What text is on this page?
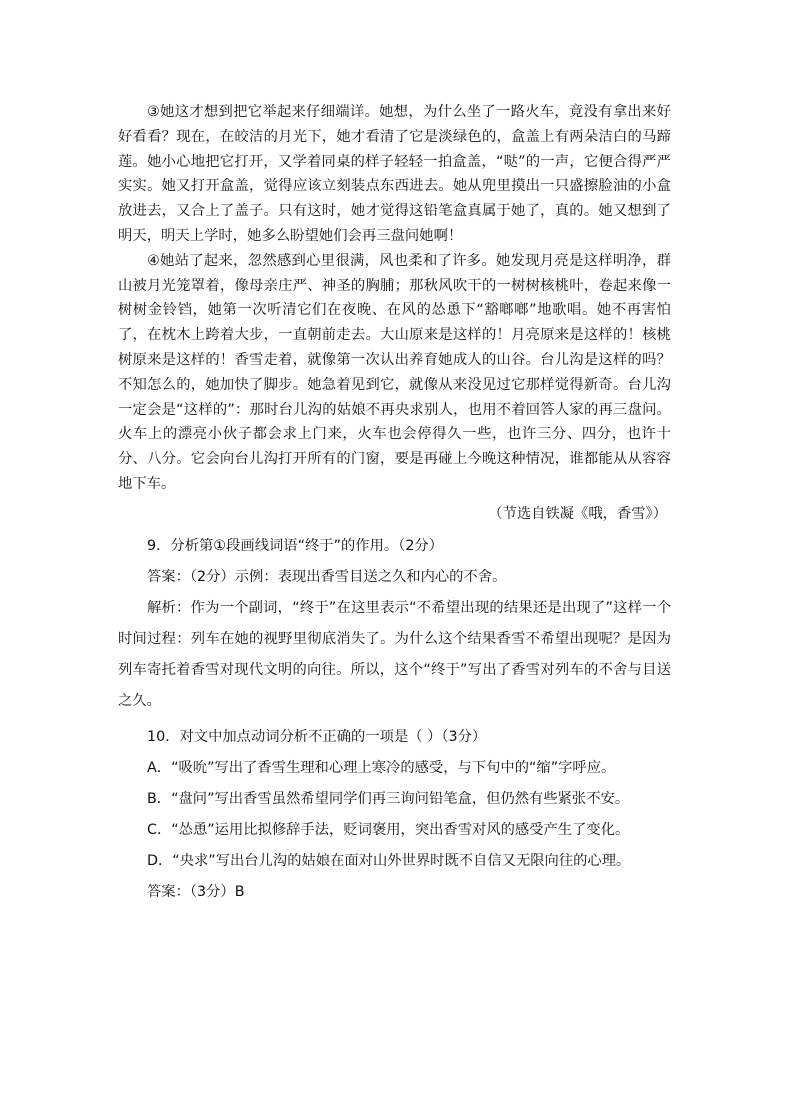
③她这才想到把它举起来仔细端详。她想，为什么坐了一路火车，竟没有拿出来好好看看？现在，在皎洁的月光下，她才看清了它是淡绿色的，盒盖上有两朵洁白的马蹄莲。她小心地把它打开，又学着同桌的样子轻轻一拍盒盖，“哒”的一声，它便合得严严实实。她又打开盒盖，觉得应该立刻装点东西进去。她从兜里摸出一只盛擦脸油的小盒放进去，又合上了盖子。只有这时，她才觉得这铅笔盒真属于她了，真的。她又想到了明天，明天上学时，她多么盼望她们会再三盘问她啊！

④她站了起来，忽然感到心里很满，风也柔和了许多。她发现月亮是这样明净，群山被月光笼罩着，像母亲庄严、神圣的胸脯；那秋风吹干的一树树核桃叶，卷起来像一树树金铃铛，她第一次听清它们在夜晚、在风的怂恿下“豁啷啷”地歌唱。她不再害怕了，在枕木上跨着大步，一直朝前走去。大山原来是这样的！月亮原来是这样的！核桃树原来是这样的！香雪走着，就像第一次认出养育她成人的山谷。台儿沟是这样的吗？不知怎么的，她加快了脚步。她急着见到它，就像从来没见过它那样觉得新奇。台儿沟一定会是“这样的”：那时台儿沟的姑娘不再央求别人，也用不着回答人家的再三盘问。火车上的漂亮小伙子都会求上门来，火车也会停得久一些，也许三分、四分，也许十分、八分。它会向台儿沟打开所有的门窗，要是再碰上今晚这种情况，谁都能从从容容地下车。

（节选自铁凝《哦，香雪》）

9．分析第①段画线词语“终于”的作用。（2分）

答案：（2分）示例：表现出香雪目送之久和内心的不舍。

解析：作为一个副词，“终于”在这里表示“不希望出现的结果还是出现了”这样一个时间过程：列车在她的视野里彻底消失了。为什么这个结果香雪不希望出现呢？是因为列车寄托着香雪对现代文明的向往。所以，这个“终于”写出了香雪对列车的不舍与目送之久。

10．对文中加点动词分析不正确的一项是（ ）（3分）

A．“吸吮”写出了香雪生理和心理上寒冷的感受，与下句中的“缩”字呼应。

B．“盘问”写出香雪虽然希望同学们再三询问铅笔盒，但仍然有些紧张不安。

C．“怂恿”运用比拟修辞手法，贬词褒用，突出香雪对风的感受产生了变化。

D．“央求”写出台儿沟的姑娘在面对山外世界时既不自信又无限向往的心理。

答案：（3分）B
